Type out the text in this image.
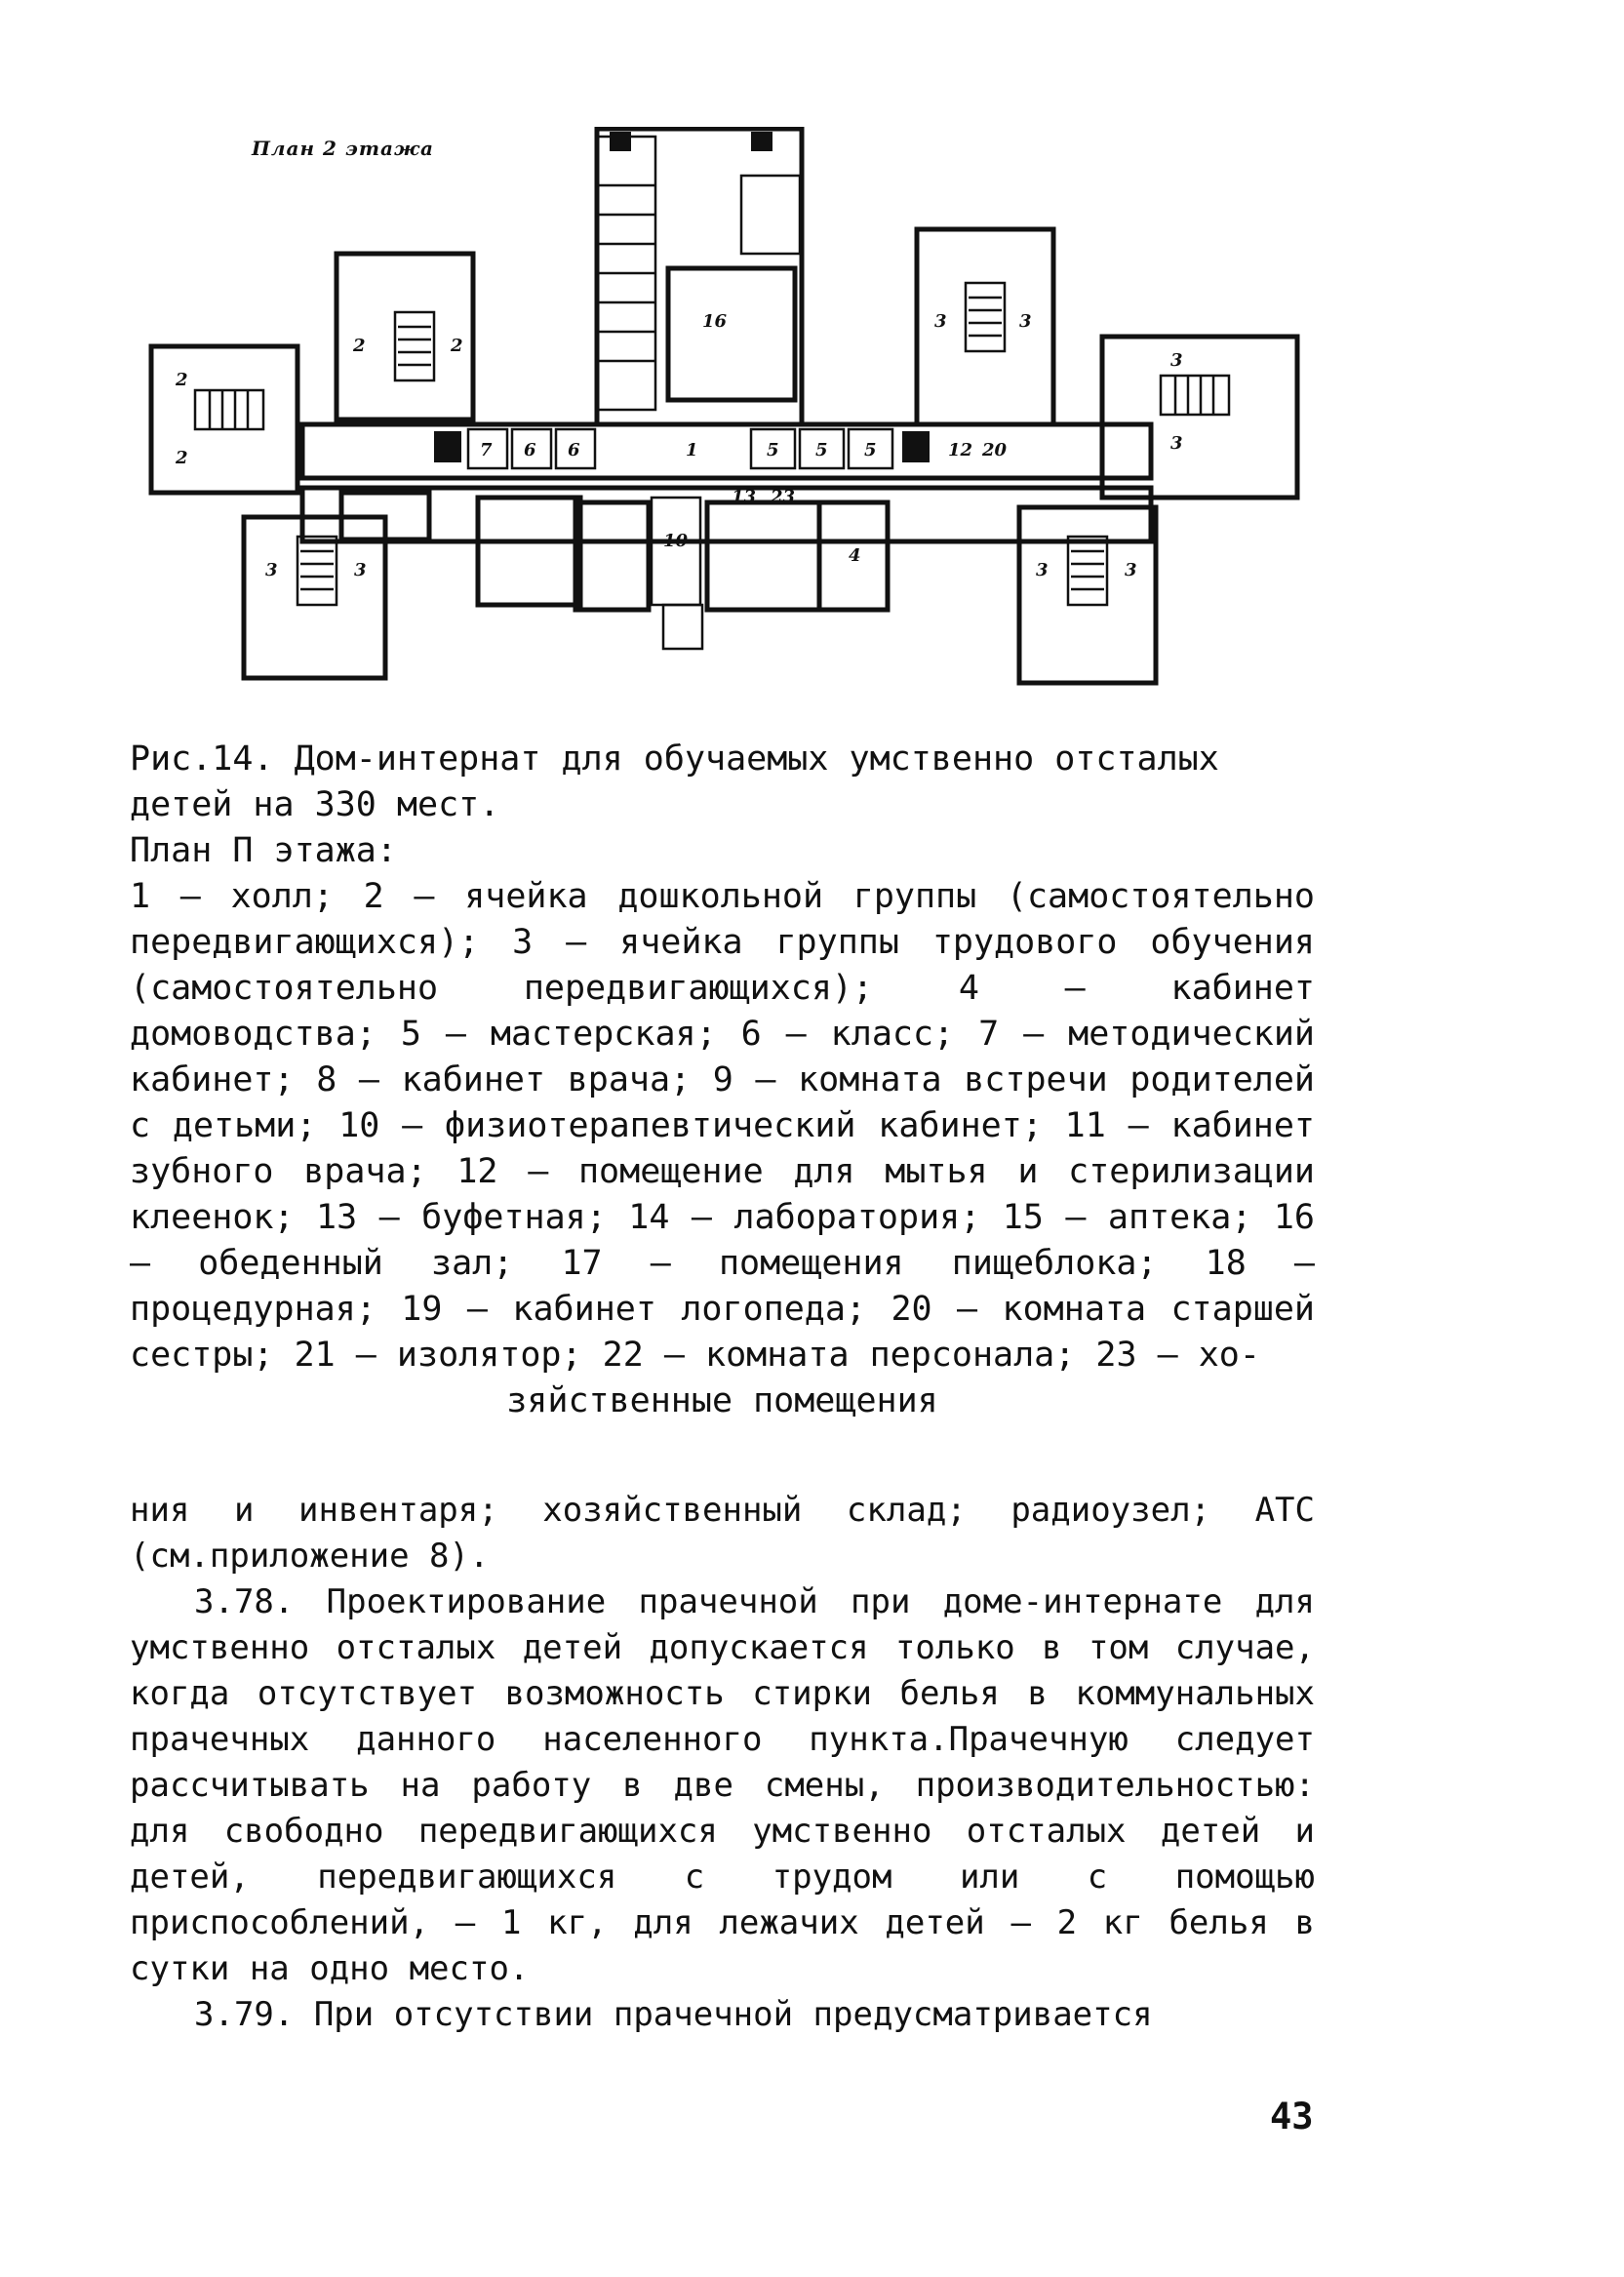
План 2 этажа
16
2	2
2
2
3	3
3	3
3
3
3	3
7 6 6	1	5 5 5	12 20
10
4
13 23

Рис.14. Дом-интернат для обучаемых умственно отсталых

детей на 330 мест.

План П этажа:

1 – холл; 2 – ячейка дошкольной группы (самостоятельно передвигающихся); 3 – ячейка группы трудового обучения (самостоятельно передвигающихся); 4 – кабинет домоводства; 5 – мастерская; 6 – класс; 7 – методический кабинет; 8 – кабинет врача; 9 – комната встречи родителей с детьми; 10 – физиотерапевтический кабинет; 11 – кабинет зубного врача; 12 – помещение для мытья и стерилизации клеенок; 13 – буфетная; 14 – лаборатория; 15 – аптека; 16 – обеденный зал; 17 – помещения пищеблока; 18 – процедурная; 19 – кабинет логопеда; 20 – комната старшей сестры; 21 – изолятор; 22 – комната персонала; 23 – хо-

зяйственные помещения

ния и инвентаря; хозяйственный склад; радиоузел; АТС (см.приложение 8).

3.78. Проектирование прачечной при доме-интернате для умственно отсталых детей допускается только в том случае, когда отсутствует возможность стирки белья в коммунальных прачечных данного населенного пункта.Прачечную следует рассчитывать на работу в две смены, производительностью: для свободно передвигающихся умственно отсталых детей и детей, передвигающихся с трудом или с помощью приспособлений, – 1 кг, для лежачих детей – 2 кг белья в сутки на одно место.

3.79. При отсутствии прачечной предусматривается

43
